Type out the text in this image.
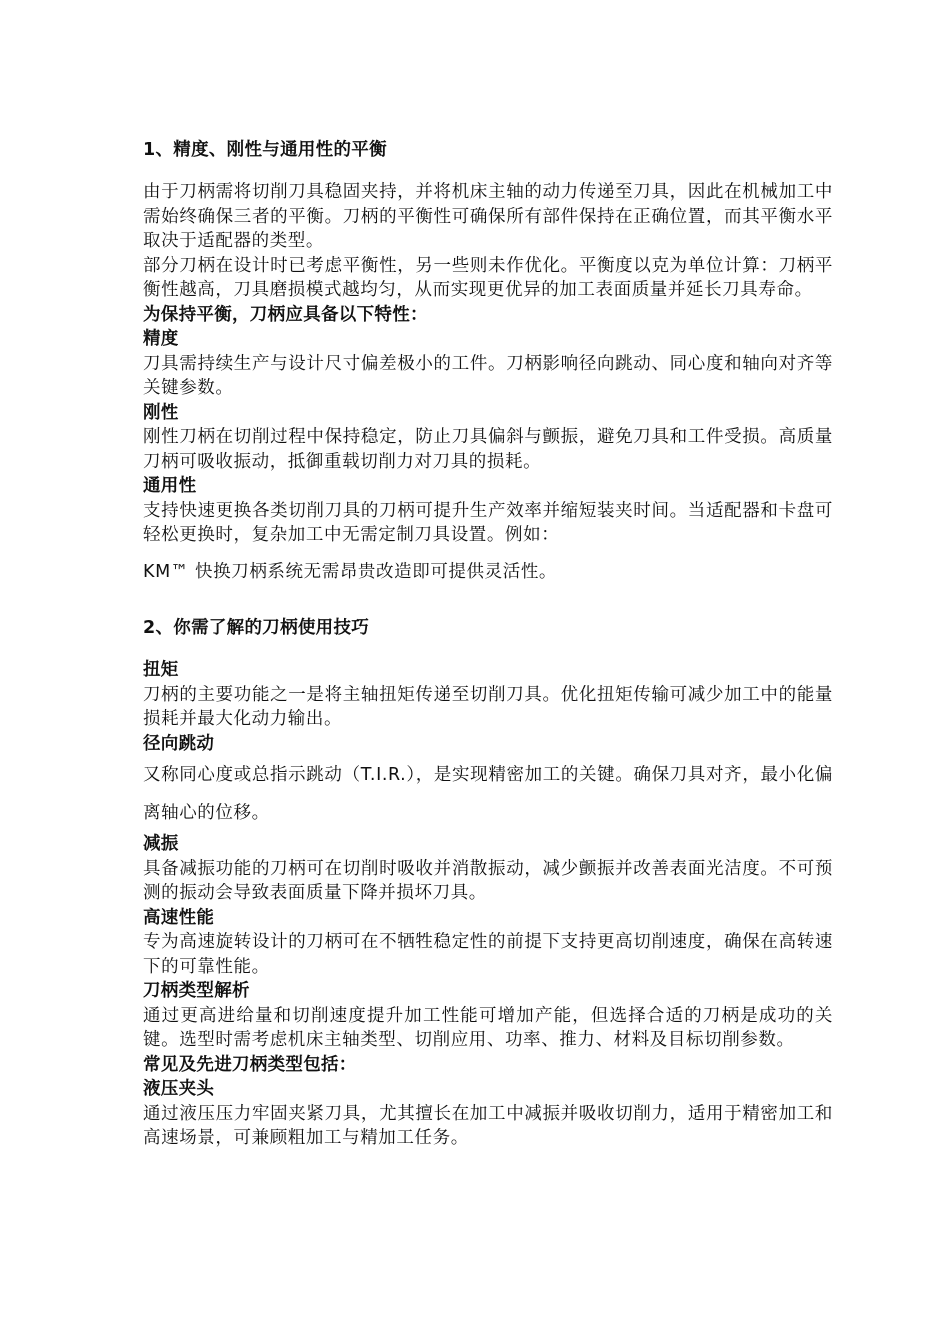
1、精度、刚性与通用性的平衡

由于刀柄需将切削刀具稳固夹持，并将机床主轴的动力传递至刀具，因此在机械加工中需始终确保三者的平衡。刀柄的平衡性可确保所有部件保持在正确位置，而其平衡水平取决于适配器的类型。

部分刀柄在设计时已考虑平衡性，另一些则未作优化。平衡度以克为单位计算：刀柄平衡性越高，刀具磨损模式越均匀，从而实现更优异的加工表面质量并延长刀具寿命。

为保持平衡，刀柄应具备以下特性：
精度

刀具需持续生产与设计尺寸偏差极小的工件。刀柄影响径向跳动、同心度和轴向对齐等关键参数。

刚性

刚性刀柄在切削过程中保持稳定，防止刀具偏斜与颤振，避免刀具和工件受损。高质量刀柄可吸收振动，抵御重载切削力对刀具的损耗。

通用性

支持快速更换各类切削刀具的刀柄可提升生产效率并缩短装夹时间。当适配器和卡盘可轻松更换时，复杂加工中无需定制刀具设置。例如：

KM™ 快换刀柄系统无需昂贵改造即可提供灵活性。

2、你需了解的刀柄使用技巧
扭矩

刀柄的主要功能之一是将主轴扭矩传递至切削刀具。优化扭矩传输可减少加工中的能量损耗并最大化动力输出。

径向跳动

又称同心度或总指示跳动（T.I.R.），是实现精密加工的关键。确保刀具对齐，最小化偏离轴心的位移。

减振

具备减振功能的刀柄可在切削时吸收并消散振动，减少颤振并改善表面光洁度。不可预测的振动会导致表面质量下降并损坏刀具。

高速性能

专为高速旋转设计的刀柄可在不牺牲稳定性的前提下支持更高切削速度，确保在高转速下的可靠性能。

刀柄类型解析

通过更高进给量和切削速度提升加工性能可增加产能，但选择合适的刀柄是成功的关键。选型时需考虑机床主轴类型、切削应用、功率、推力、材料及目标切削参数。

常见及先进刀柄类型包括：
液压夹头

通过液压压力牢固夹紧刀具，尤其擅长在加工中减振并吸收切削力，适用于精密加工和高速场景，可兼顾粗加工与精加工任务。
